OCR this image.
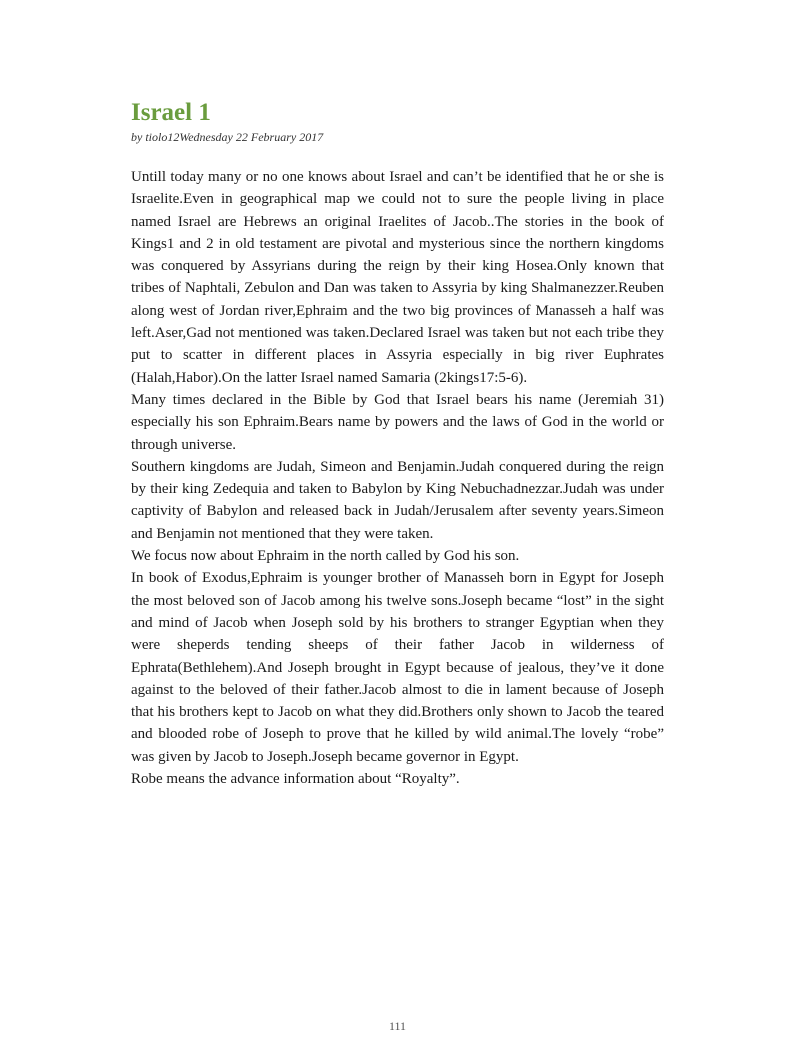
Israel 1
by tiolo12Wednesday 22 February 2017

Untill today many or no one knows about Israel and can’t be identified that he or she is Israelite.Even in geographical map we could not to sure the people living in place named Israel are Hebrews an original Iraelites of Jacob..The stories in the book of Kings1 and 2 in old testament are pivotal and mysterious since the northern kingdoms was conquered by Assyrians during the reign by their king Hosea.Only known that tribes of Naphtali, Zebulon and Dan was taken to Assyria by king Shalmanezzer.Reuben along west of Jordan river,Ephraim and the two big provinces of Manasseh a half was left.Aser,Gad not mentioned was taken.Declared Israel was taken but not each tribe they put to scatter in different places in Assyria especially in big river Euphrates (Halah,Habor).On the latter Israel named Samaria (2kings17:5-6).

Many times declared in the Bible by God that Israel bears his name (Jeremiah 31) especially his son Ephraim.Bears name by powers and the laws of God in the world or through universe.

Southern kingdoms are Judah, Simeon and Benjamin.Judah conquered during the reign by their king Zedequia and taken to Babylon by King Nebuchadnezzar.Judah was under captivity of Babylon and released back in Judah/Jerusalem after seventy years.Simeon and Benjamin not mentioned that they were taken.

We focus now about Ephraim in the north called by God his son.

In book of Exodus,Ephraim is younger brother of Manasseh born in Egypt for Joseph the most beloved son of Jacob among his twelve sons.Joseph became “lost” in the sight and mind of Jacob when Joseph sold by his brothers to stranger Egyptian when they were sheperds tending sheeps of their father Jacob in wilderness of Ephrata(Bethlehem).And Joseph brought in Egypt because of jealous, they’ve it done against to the beloved of their father.Jacob almost to die in lament because of Joseph that his brothers kept to Jacob on what they did.Brothers only shown to Jacob the teared and blooded robe of Joseph to prove that he killed by wild animal.The lovely “robe” was given by Jacob to Joseph.Joseph became governor in Egypt.

Robe means the advance information about “Royalty”.

111
